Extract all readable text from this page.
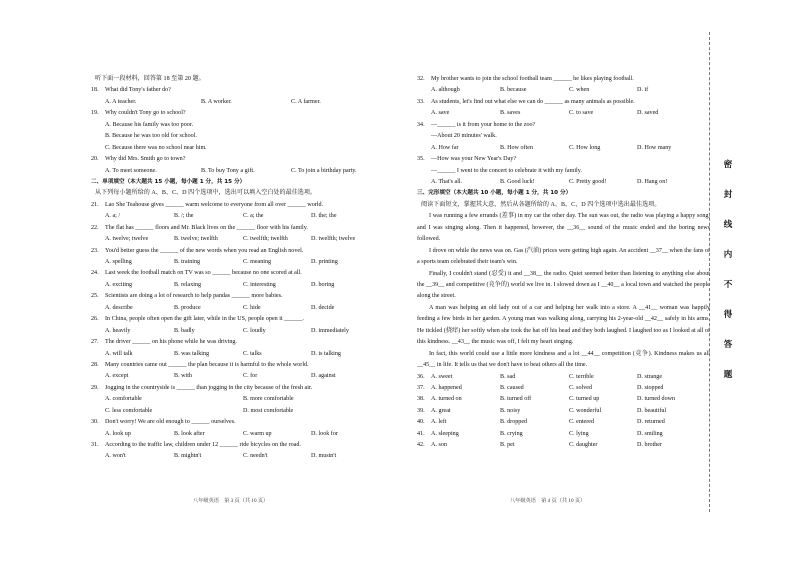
听下面一段材料，回答第 18 至第 20 题。
18. What did Tony's father do?
A. A teacher.	B. A worker.	C. A farmer.
19. Why couldn't Tony go to school?
A. Because his family was too poor.
B. Because he was too old for school.
C. Because there was no school near him.
20. Why did Mrs. Smith go to town?
A. To meet someone.	B. To buy Tony a gift.	C. To join a birthday party.
二、单项填空（本大题共 15 小题，每小题 1 分，共 15 分）
从下列每小题所给的 A、B、C、D 四个选项中，选出可以填入空白处的最佳选项。
21. Lao She Teahouse gives ______ warm welcome to everyone from all over ______ world.
A. a; /	B. /; the	C. a; the	D. the; the
22. The flat has ______ floors and Mr. Black lives on the ______ floor with his family.
A. twelve; twelve	B. twelve; twelfth	C. twelfth; twelfth	D. twelfth; twelve
23. You'd better guess the ______ of the new words when you read an English novel.
A. spelling	B. training	C. meaning	D. printing
24. Last week the football match on TV was so ______ because no one scored at all.
A. exciting	B. relaxing	C. interesting	D. boring
25. Scientists are doing a lot of research to help pandas ______ more babies.
A. describe	B. produce	C. hide	D. decide
26. In China, people often open the gift later, while in the US, people open it ______.
A. heavily	B. badly	C. loudly	D. immediately
27. The driver ______ on his phone while he was driving.
A. will talk	B. was talking	C. talks	D. is talking
28. Many countries came out ______ the plan because it is harmful to the whole world.
A. except	B. with	C. for	D. against
29. Jogging in the countryside is ______ than jogging in the city because of the fresh air.
A. comfortable	B. more comfortable
C. less comfortable	D. most comfortable
30. Don't worry! We are old enough to ______ ourselves.
A. look up	B. look after	C. warm up	D. look for
31. According to the traffic law, children under 12 ______ ride bicycles on the road.
A. won't	B. mightn't	C. needn't	D. mustn't
32. My brother wants to join the school football team ______ he likes playing football.
A. although	B. because	C. when	D. if
33. As students, let's find out what else we can do ______ as many animals as possible.
A. save	B. saves	C. to save	D. saved
34. —______ is it from your home to the zoo?
—About 20 minutes' walk.
A. How far	B. How often	C. How long	D. How many
35. —How was your New Year's Day?
—______ I went to the concert to celebrate it with my family.
A. That's all.	B. Good luck!	C. Pretty good!	D. Hang on!
三、完形填空（本大题共 10 小题，每小题 1 分，共 10 分）
阅读下面短文，掌握其大意，然后从各题所给的 A、B、C、D 四个选项中选出最佳选项。
I was running a few errands (差事) in my car the other day. The sun was out, the radio was playing a happy song, and I was singing along. Then it happened, however, the __36__ sound of the music ended and the boring news followed.
I drove on while the news was on. Gas (汽油) prices were getting high again. An accident __37__ when the fans of a sports team celebrated their team's win.
Finally, I couldn't stand (忍受) it and __38__ the radio. Quiet seemed better than listening to anything else about the __39__ and competitive (竞争的) world we live in. I slowed down as I __40__ a local town and watched the people along the street.
A man was helping an old lady out of a car and helping her walk into a store. A __41__ woman was happily feeding a few birds in her garden. A young man was walking along, carrying his 2-year-old __42__ safely in his arms. He tickled (挠痒) her softly when she took the hat off his head and they both laughed. I laughed too as I looked at all of this kindness. __43__ the music was off, I felt my heart singing.
In fact, this world could use a little more kindness and a lot __44__ competition (竞争). Kindness makes us all __45__ in life. It tells us that we don't have to beat others all the time.
36. A. sweet	B. sad	C. terrible	D. strange
37. A. happened	B. caused	C. solved	D. stopped
38. A. turned on	B. turned off	C. turned up	D. turned down
39. A. great	B. noisy	C. wonderful	D. beautiful
40. A. left	B. dropped	C. entered	D. returned
41. A. sleeping	B. crying	C. lying	D. smiling
42. A. son	B. pet	C. daughter	D. brother
八年级英语　第 3 页（共 10 页）	八年级英语　第 4 页（共 10 页）
密
封
线
内
不
得
答
题
